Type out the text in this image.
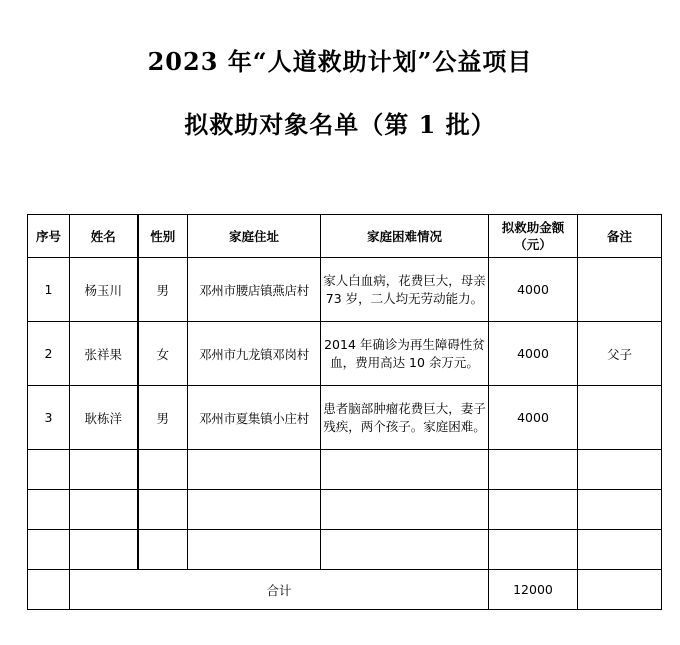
2023 年“人道救助计划”公益项目
拟救助对象名单（第 1 批）
序号	姓名	性别	家庭住址	家庭困难情况	拟救助金额（元）	备注
1	杨玉川	男	邓州市腰店镇燕店村	家人白血病，花费巨大，母亲 73 岁，二人均无劳动能力。	4000	
2	张祥果	女	邓州市九龙镇邓岗村	2014 年确诊为再生障碍性贫血，费用高达 10 余万元。	4000	父子
3	耿栋洋	男	邓州市夏集镇小庄村	患者脑部肿瘤花费巨大，妻子残疾，两个孩子。家庭困难。	4000	

	合计				12000	
